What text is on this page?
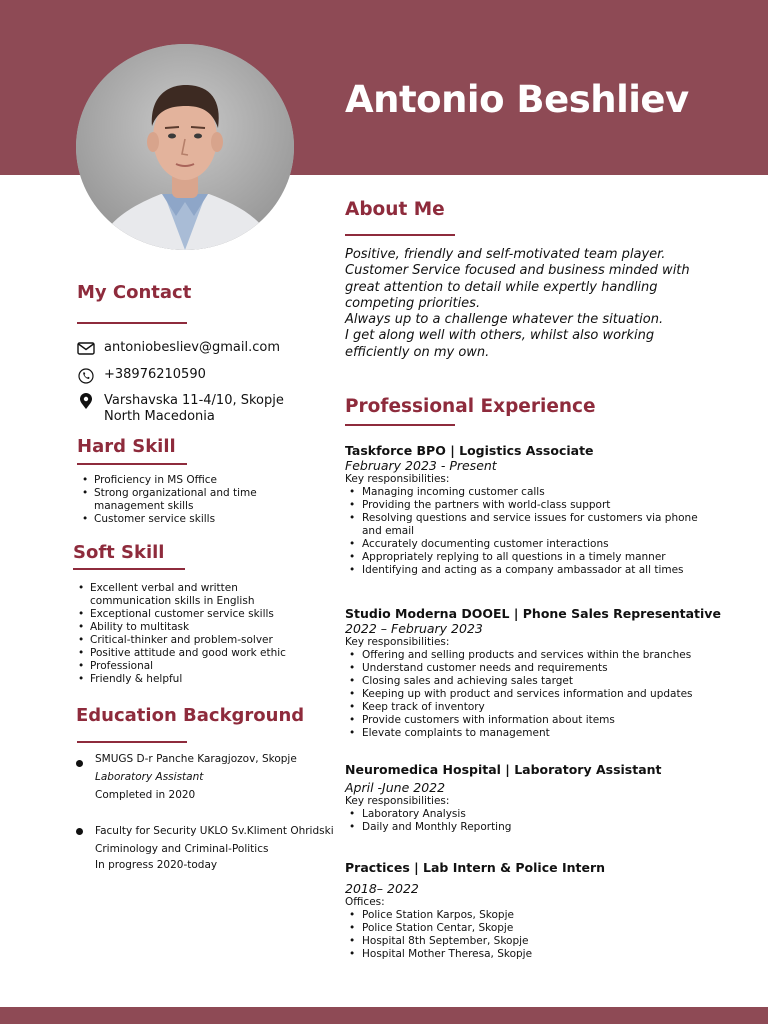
Antonio Beshliev
My Contact
antoniobesliev@gmail.com
+38976210590
Varshavska 11-4/10, Skopje
North Macedonia
Hard Skill
• Proficiency in MS Office
• Strong organizational and time
management skills
• Customer service skills
Soft Skill
• Excellent verbal and written
communication skills in English
• Exceptional customer service skills
• Ability to multitask
• Critical-thinker and problem-solver
• Positive attitude and good work ethic
• Professional
• Friendly & helpful
Education Background
SMUGS D-r Panche Karagjozov, Skopje
Laboratory Assistant
Completed in 2020
Faculty for Security UKLO Sv.Kliment Ohridski
Criminology and Criminal-Politics
In progress 2020-today
About Me

Positive, friendly and self-motivated team player.

Customer Service focused and business minded with

great attention to detail while expertly handling

competing priorities.

Always up to a challenge whatever the situation.

I get along well with others, whilst also working

efficiently on my own.

Professional Experience
Taskforce BPO | Logistics Associate
February 2023 - Present
Key responsibilities:
• Managing incoming customer calls
• Providing the partners with world-class support
• Resolving questions and service issues for customers via phone
and email
• Accurately documenting customer interactions
• Appropriately replying to all questions in a timely manner
• Identifying and acting as a company ambassador at all times
Studio Moderna DOOEL | Phone Sales Representative
2022 – February 2023
Key responsibilities:
• Offering and selling products and services within the branches
• Understand customer needs and requirements
• Closing sales and achieving sales target
• Keeping up with product and services information and updates
• Keep track of inventory
• Provide customers with information about items
• Elevate complaints to management
Neuromedica Hospital | Laboratory Assistant
April -June 2022
Key responsibilities:
• Laboratory Analysis
• Daily and Monthly Reporting
Practices | Lab Intern & Police Intern
2018– 2022
Offices:
• Police Station Karpos, Skopje
• Police Station Centar, Skopje
• Hospital 8th September, Skopje
• Hospital Mother Theresa, Skopje
